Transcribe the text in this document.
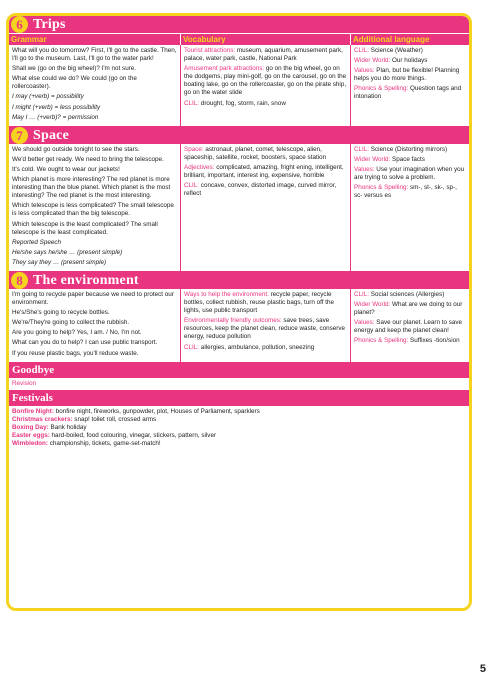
6 Trips
Grammar	Vocabulary	Additional language

What will you do tomorrow? First, I'll go to the castle. Then, I'll go to the museum. Last, I'll go to the water park!

Shall we (go on the big wheel)? I'm not sure.

What else could we do? We could (go on the rollercoaster).

I may (+verb) = possibility

I might (+verb) = less possibility

May I … (+verb)? = permission

Tourist attractions: museum, aquarium, amusement park, palace, water park, castle, National Park

Amusement park attractions: go on the big wheel, go on the dodgems, play mini-golf, go on the carousel, go on the boating lake, go on the rollercoaster, go on the pirate ship, go on the water slide

CLIL: drought, fog, storm, rain, snow

CLIL: Science (Weather)

Wider World: Our holidays

Values: Plan, but be flexible! Planning helps you do more things.

Phonics & Spelling: Question tags and intonation

7 Space

We should go outside tonight to see the stars.

We'd better get ready. We need to bring the telescope.

It's cold. We ought to wear our jackets!

Which planet is more interesting? The red planet is more interesting than the blue planet. Which planet is the most interesting? The red planet is the most interesting.

Which telescope is less complicated? The small telescope is less complicated than the big telescope.

Which telescope is the least complicated? The small telescope is the least complicated.

Reported Speech

He/she says he/she … (present simple)

They say they … (present simple)

Space: astronaut, planet, comet, telescope, alien, spaceship, satellite, rocket, boosters, space station

Adjectives: complicated, amazing, fright ening, intelligent, brilliant, important, interest ing, expensive, horrible

CLIL: concave, convex, distorted image, curved mirror, reflect

CLIL: Science (Distorting mirrors)

Wider World: Space facts

Values: Use your imagination when you are trying to solve a problem.

Phonics & Spelling: sm-, st-, sk-, sp-, sc- versus es

8 The environment

I'm going to recycle paper because we need to protect our environment.

He's/She's going to recycle bottles.

We're/They're going to collect the rubbish.

Are you going to help? Yes, I am. / No, I'm not.

What can you do to help? I can use public transport.

If you reuse plastic bags, you'll reduce waste.

Ways to help the environment: recycle paper, recycle bottles, collect rubbish, reuse plastic bags, turn off the lights, use public transport

Environmentally friendly outcomes: save trees, save resources, keep the planet clean, reduce waste, conserve energy, reduce pollution

CLIL: allergies, ambulance, pollution, sneezing

CLIL: Social sciences (Allergies)

Wider World: What are we doing to our planet?

Values: Save our planet. Learn to save energy and keep the planet clean!

Phonics & Spelling: Suffixes -tion/sion

Goodbye
Revision
Festivals

Bonfire Night: bonfire night, fireworks, gunpowder, plot, Houses of Parliament, sparklers

Christmas crackers: snap! toilet roll, crossed arms

Boxing Day: Bank holiday

Easter eggs: hard-boiled, food colouring, vinegar, stickers, pattern, silver

Wimbledon: championship, tickets, game-set-match!

5
